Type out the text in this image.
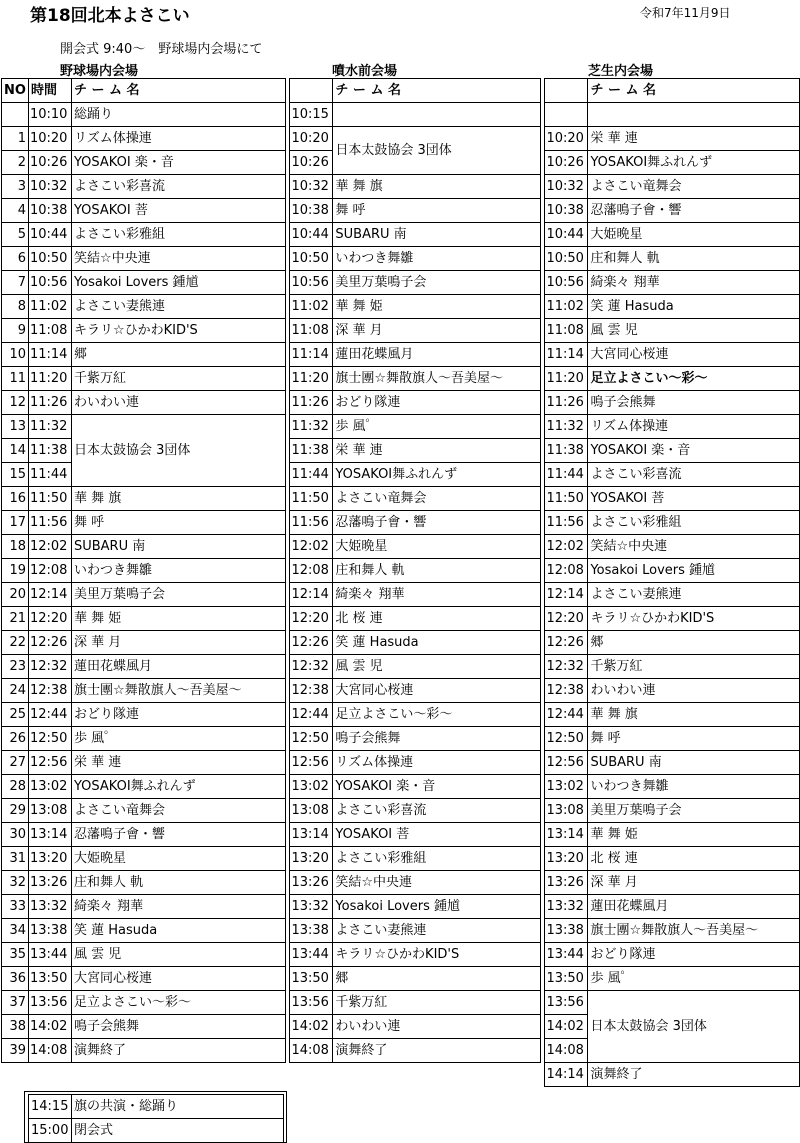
第18回北本よさこい	令和7年11月9日
開会式 9:40～　野球場内会場にて
野球場内会場	噴水前会場	芝生内会場
NO	時間	チ ー ム 名			チ ー ム 名			チ ー ム 名
	10:10	総踊り		10:15				
1	10:20	リズム体操連		10:20	日本太鼓協会 3団体		10:20	栄 華 連
2	10:26	YOSAKOI 楽・音		10:26			10:26	YOSAKOI舞ふれんず
3	10:32	よさこい彩喜流		10:32	華 舞 旗		10:32	よさこい竜舞会
4	10:38	YOSAKOI 菩		10:38	舞 呼		10:38	忍藩鳴子會・響
5	10:44	よさこい彩雅組		10:44	SUBARU 南		10:44	大姫晩星
6	10:50	笑結☆中央連		10:50	いわつき舞雛		10:50	庄和舞人 軌
7	10:56	Yosakoi Lovers 鍾馗		10:56	美里万葉鳴子会		10:56	綺楽々 翔華
8	11:02	よさこい妻熊連		11:02	華 舞 姫		11:02	笑 蓮 Hasuda
9	11:08	キラリ☆ひかわKID'S		11:08	深 華 月		11:08	風 雲 児
10	11:14	郷		11:14	蓮田花蝶風月		11:14	大宮同心桜連
11	11:20	千紫万紅		11:20	旗士團☆舞散旗人～吾美屋～		11:20	足立よさこい～彩～
12	11:26	わいわい連		11:26	おどり隊連		11:26	鳴子会熊舞
13	11:32	日本太鼓協会 3団体		11:32	歩 風゜		11:32	リズム体操連
14	11:38			11:38	栄 華 連		11:38	YOSAKOI 楽・音
15	11:44			11:44	YOSAKOI舞ふれんず		11:44	よさこい彩喜流
16	11:50	華 舞 旗		11:50	よさこい竜舞会		11:50	YOSAKOI 菩
17	11:56	舞 呼		11:56	忍藩鳴子會・響		11:56	よさこい彩雅組
18	12:02	SUBARU 南		12:02	大姫晩星		12:02	笑結☆中央連
19	12:08	いわつき舞雛		12:08	庄和舞人 軌		12:08	Yosakoi Lovers 鍾馗
20	12:14	美里万葉鳴子会		12:14	綺楽々 翔華		12:14	よさこい妻熊連
21	12:20	華 舞 姫		12:20	北 桜 連		12:20	キラリ☆ひかわKID'S
22	12:26	深 華 月		12:26	笑 蓮 Hasuda		12:26	郷
23	12:32	蓮田花蝶風月		12:32	風 雲 児		12:32	千紫万紅
24	12:38	旗士團☆舞散旗人～吾美屋～		12:38	大宮同心桜連		12:38	わいわい連
25	12:44	おどり隊連		12:44	足立よさこい～彩～		12:44	華 舞 旗
26	12:50	歩 風゜		12:50	鳴子会熊舞		12:50	舞 呼
27	12:56	栄 華 連		12:56	リズム体操連		12:56	SUBARU 南
28	13:02	YOSAKOI舞ふれんず		13:02	YOSAKOI 楽・音		13:02	いわつき舞雛
29	13:08	よさこい竜舞会		13:08	よさこい彩喜流		13:08	美里万葉鳴子会
30	13:14	忍藩鳴子會・響		13:14	YOSAKOI 菩		13:14	華 舞 姫
31	13:20	大姫晩星		13:20	よさこい彩雅組		13:20	北 桜 連
32	13:26	庄和舞人 軌		13:26	笑結☆中央連		13:26	深 華 月
33	13:32	綺楽々 翔華		13:32	Yosakoi Lovers 鍾馗		13:32	蓮田花蝶風月
34	13:38	笑 蓮 Hasuda		13:38	よさこい妻熊連		13:38	旗士團☆舞散旗人～吾美屋～
35	13:44	風 雲 児		13:44	キラリ☆ひかわKID'S		13:44	おどり隊連
36	13:50	大宮同心桜連		13:50	郷		13:50	歩 風゜
37	13:56	足立よさこい～彩～		13:56	千紫万紅		13:56	日本太鼓協会 3団体
38	14:02	鳴子会熊舞		14:02	わいわい連		14:02	
39	14:08	演舞終了		14:08	演舞終了		14:08	
							14:14	演舞終了
14:15	旗の共演・総踊り
15:00	閉会式
